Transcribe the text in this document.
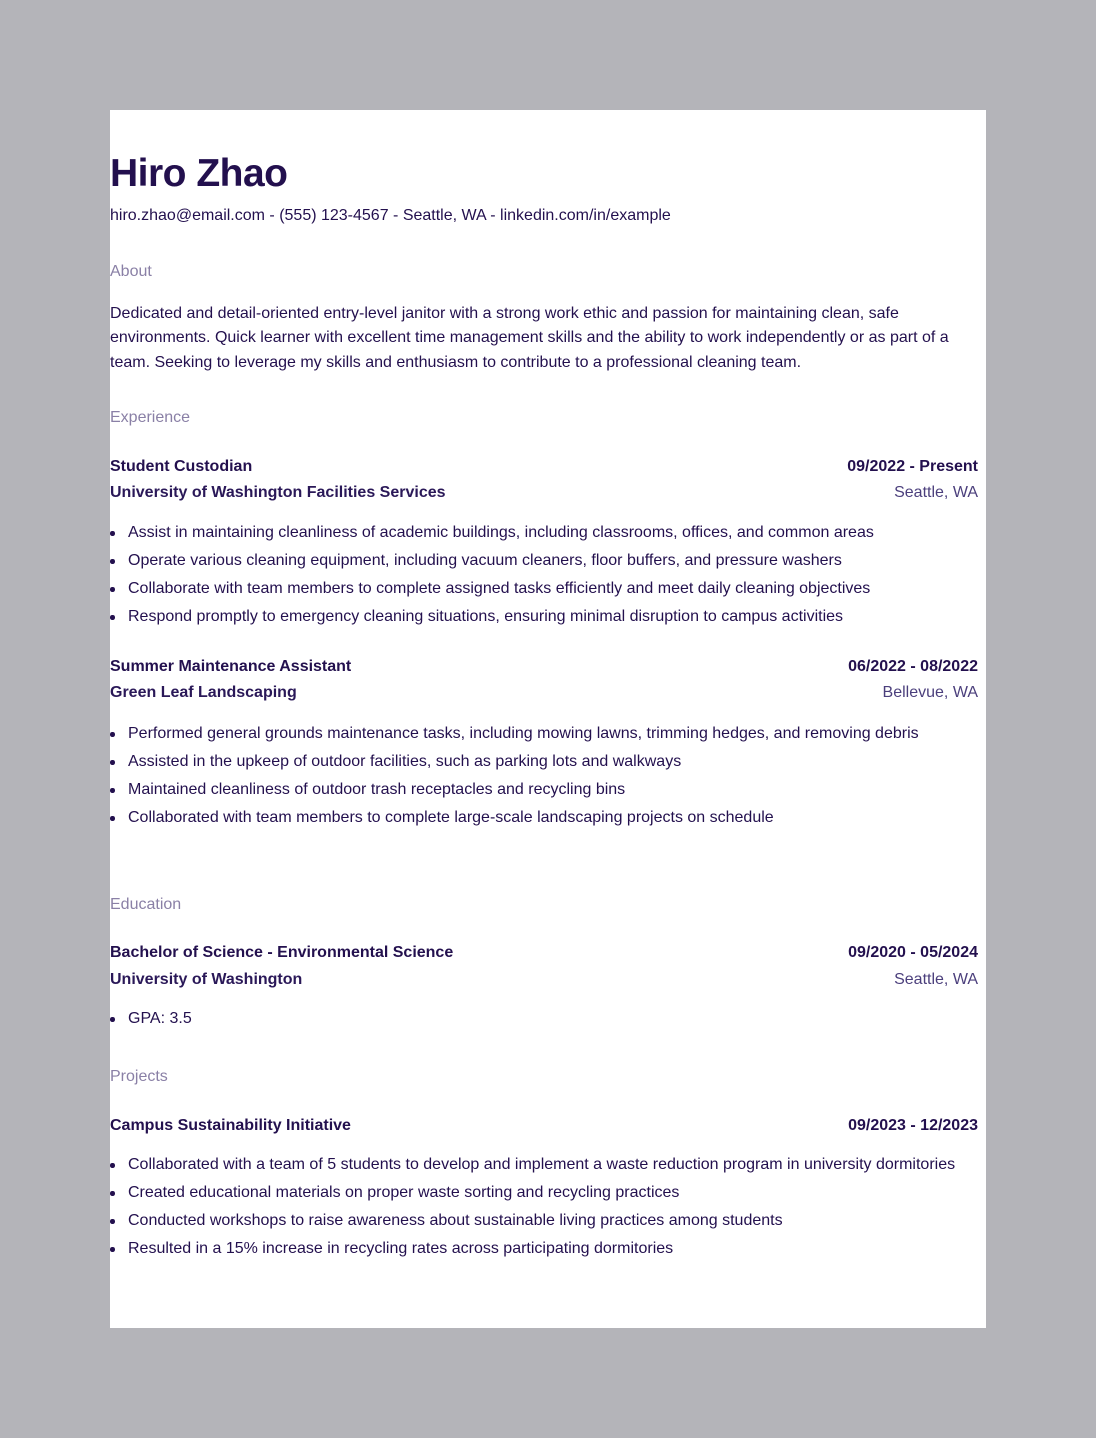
Hiro Zhao
hiro.zhao@email.com - (555) 123-4567 - Seattle, WA - linkedin.com/in/example
About
Dedicated and detail-oriented entry-level janitor with a strong work ethic and passion for maintaining clean, safe environments. Quick learner with excellent time management skills and the ability to work independently or as part of a team. Seeking to leverage my skills and enthusiasm to contribute to a professional cleaning team.
Experience
Student Custodian	09/2022 - Present
University of Washington Facilities Services	Seattle, WA
Assist in maintaining cleanliness of academic buildings, including classrooms, offices, and common areas
Operate various cleaning equipment, including vacuum cleaners, floor buffers, and pressure washers
Collaborate with team members to complete assigned tasks efficiently and meet daily cleaning objectives
Respond promptly to emergency cleaning situations, ensuring minimal disruption to campus activities
Summer Maintenance Assistant	06/2022 - 08/2022
Green Leaf Landscaping	Bellevue, WA
Performed general grounds maintenance tasks, including mowing lawns, trimming hedges, and removing debris
Assisted in the upkeep of outdoor facilities, such as parking lots and walkways
Maintained cleanliness of outdoor trash receptacles and recycling bins
Collaborated with team members to complete large-scale landscaping projects on schedule
Education
Bachelor of Science - Environmental Science	09/2020 - 05/2024
University of Washington	Seattle, WA
GPA: 3.5
Projects
Campus Sustainability Initiative	09/2023 - 12/2023
Collaborated with a team of 5 students to develop and implement a waste reduction program in university dormitories
Created educational materials on proper waste sorting and recycling practices
Conducted workshops to raise awareness about sustainable living practices among students
Resulted in a 15% increase in recycling rates across participating dormitories
